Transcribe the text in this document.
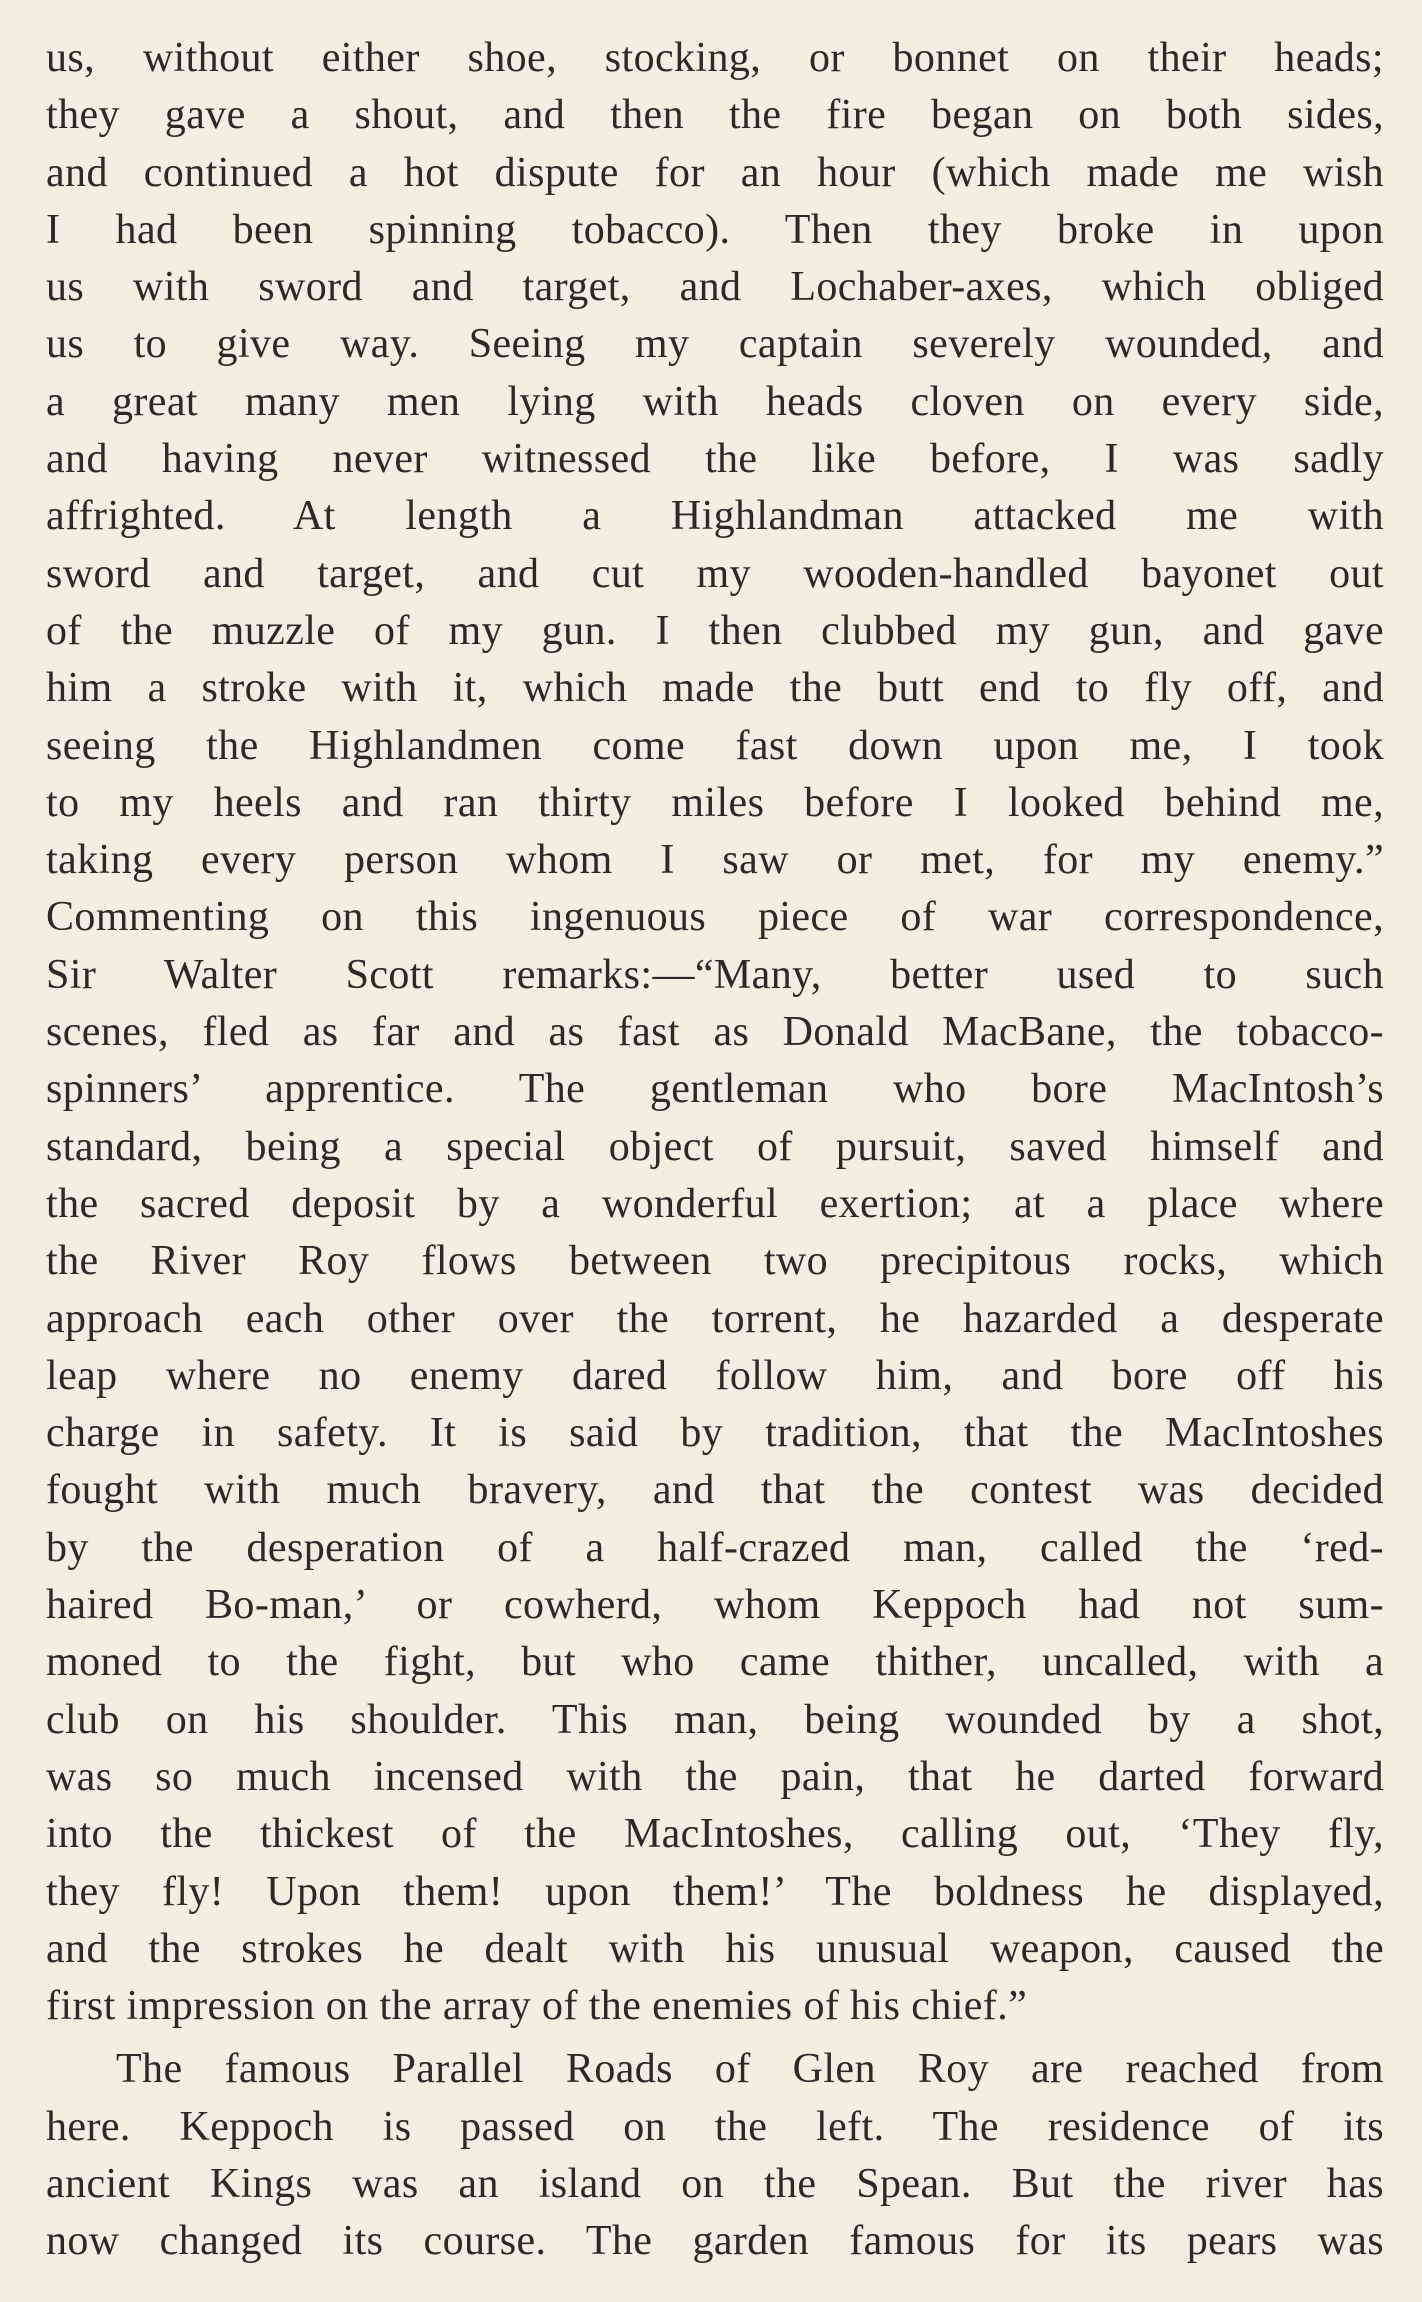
us, without either shoe, stocking, or bonnet on their heads;
they gave a shout, and then the fire began on both sides,
and continued a hot dispute for an hour (which made me wish
I had been spinning tobacco). Then they broke in upon
us with sword and target, and Lochaber-axes, which obliged
us to give way. Seeing my captain severely wounded, and
a great many men lying with heads cloven on every side,
and having never witnessed the like before, I was sadly
affrighted. At length a Highlandman attacked me with
sword and target, and cut my wooden-handled bayonet out
of the muzzle of my gun. I then clubbed my gun, and gave
him a stroke with it, which made the butt end to fly off, and
seeing the Highlandmen come fast down upon me, I took
to my heels and ran thirty miles before I looked behind me,
taking every person whom I saw or met, for my enemy.”
Commenting on this ingenuous piece of war correspondence,
Sir Walter Scott remarks:—“Many, better used to such
scenes, fled as far and as fast as Donald MacBane, the tobacco-
spinners’ apprentice. The gentleman who bore MacIntosh’s
standard, being a special object of pursuit, saved himself and
the sacred deposit by a wonderful exertion; at a place where
the River Roy flows between two precipitous rocks, which
approach each other over the torrent, he hazarded a desperate
leap where no enemy dared follow him, and bore off his
charge in safety. It is said by tradition, that the MacIntoshes
fought with much bravery, and that the contest was decided
by the desperation of a half-crazed man, called the ‘red-
haired Bo-man,’ or cowherd, whom Keppoch had not sum-
moned to the fight, but who came thither, uncalled, with a
club on his shoulder. This man, being wounded by a shot,
was so much incensed with the pain, that he darted forward
into the thickest of the MacIntoshes, calling out, ‘They fly,
they fly! Upon them! upon them!’ The boldness he displayed,
and the strokes he dealt with his unusual weapon, caused the
first impression on the array of the enemies of his chief.”
The famous Parallel Roads of Glen Roy are reached from
here. Keppoch is passed on the left. The residence of its
ancient Kings was an island on the Spean. But the river has
now changed its course. The garden famous for its pears was
